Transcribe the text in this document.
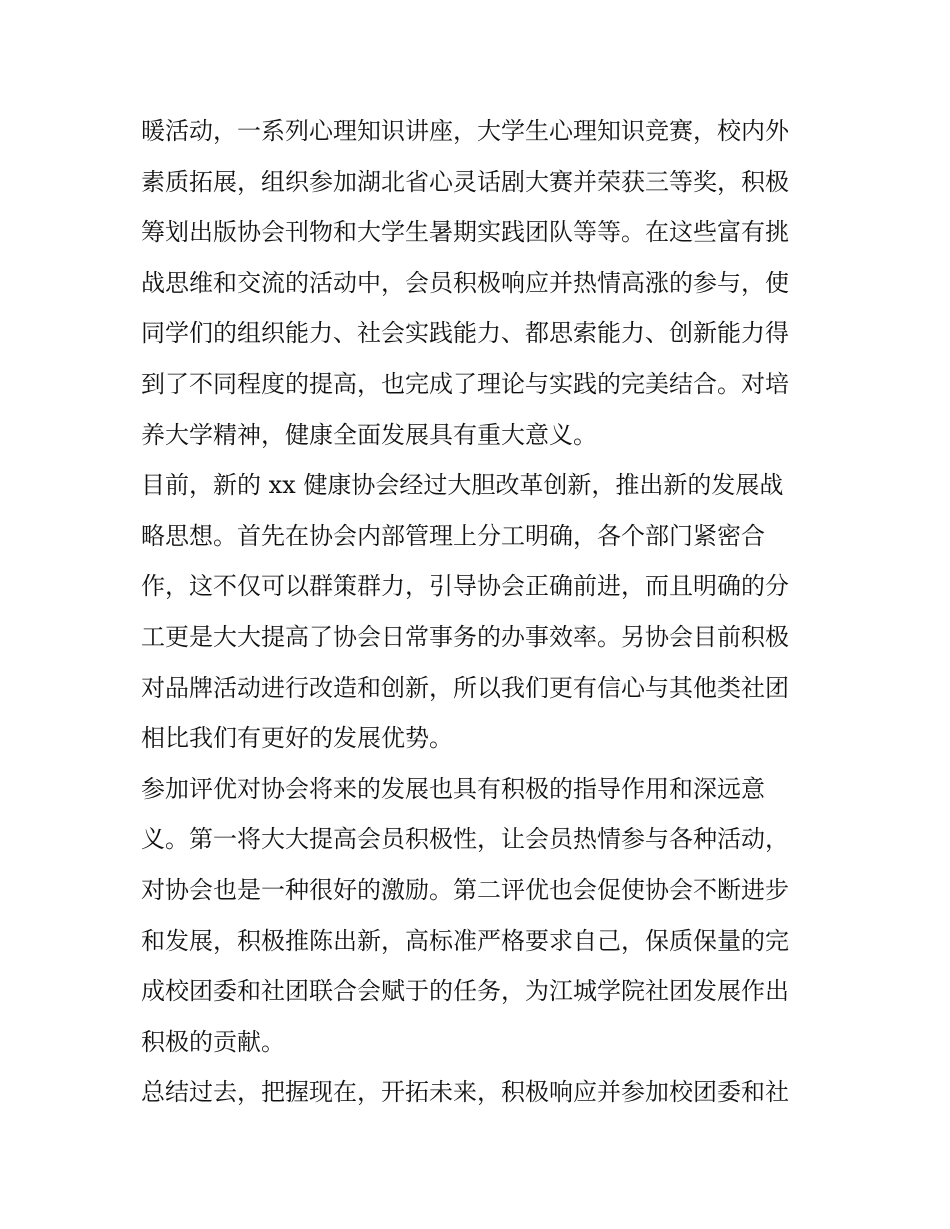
暖活动，一系列心理知识讲座，大学生心理知识竞赛，校内外
素质拓展，组织参加湖北省心灵话剧大赛并荣获三等奖，积极
筹划出版协会刊物和大学生暑期实践团队等等。在这些富有挑
战思维和交流的活动中，会员积极响应并热情高涨的参与，使
同学们的组织能力、社会实践能力、都思索能力、创新能力得
到了不同程度的提高，也完成了理论与实践的完美结合。对培
养大学精神，健康全面发展具有重大意义。
目前，新的 xx 健康协会经过大胆改革创新，推出新的发展战
略思想。首先在协会内部管理上分工明确，各个部门紧密合
作，这不仅可以群策群力，引导协会正确前进，而且明确的分
工更是大大提高了协会日常事务的办事效率。另协会目前积极
对品牌活动进行改造和创新，所以我们更有信心与其他类社团
相比我们有更好的发展优势。
参加评优对协会将来的发展也具有积极的指导作用和深远意
义。第一将大大提高会员积极性，让会员热情参与各种活动，
对协会也是一种很好的激励。第二评优也会促使协会不断进步
和发展，积极推陈出新，高标准严格要求自己，保质保量的完
成校团委和社团联合会赋于的任务，为江城学院社团发展作出
积极的贡献。
总结过去，把握现在，开拓未来，积极响应并参加校团委和社
